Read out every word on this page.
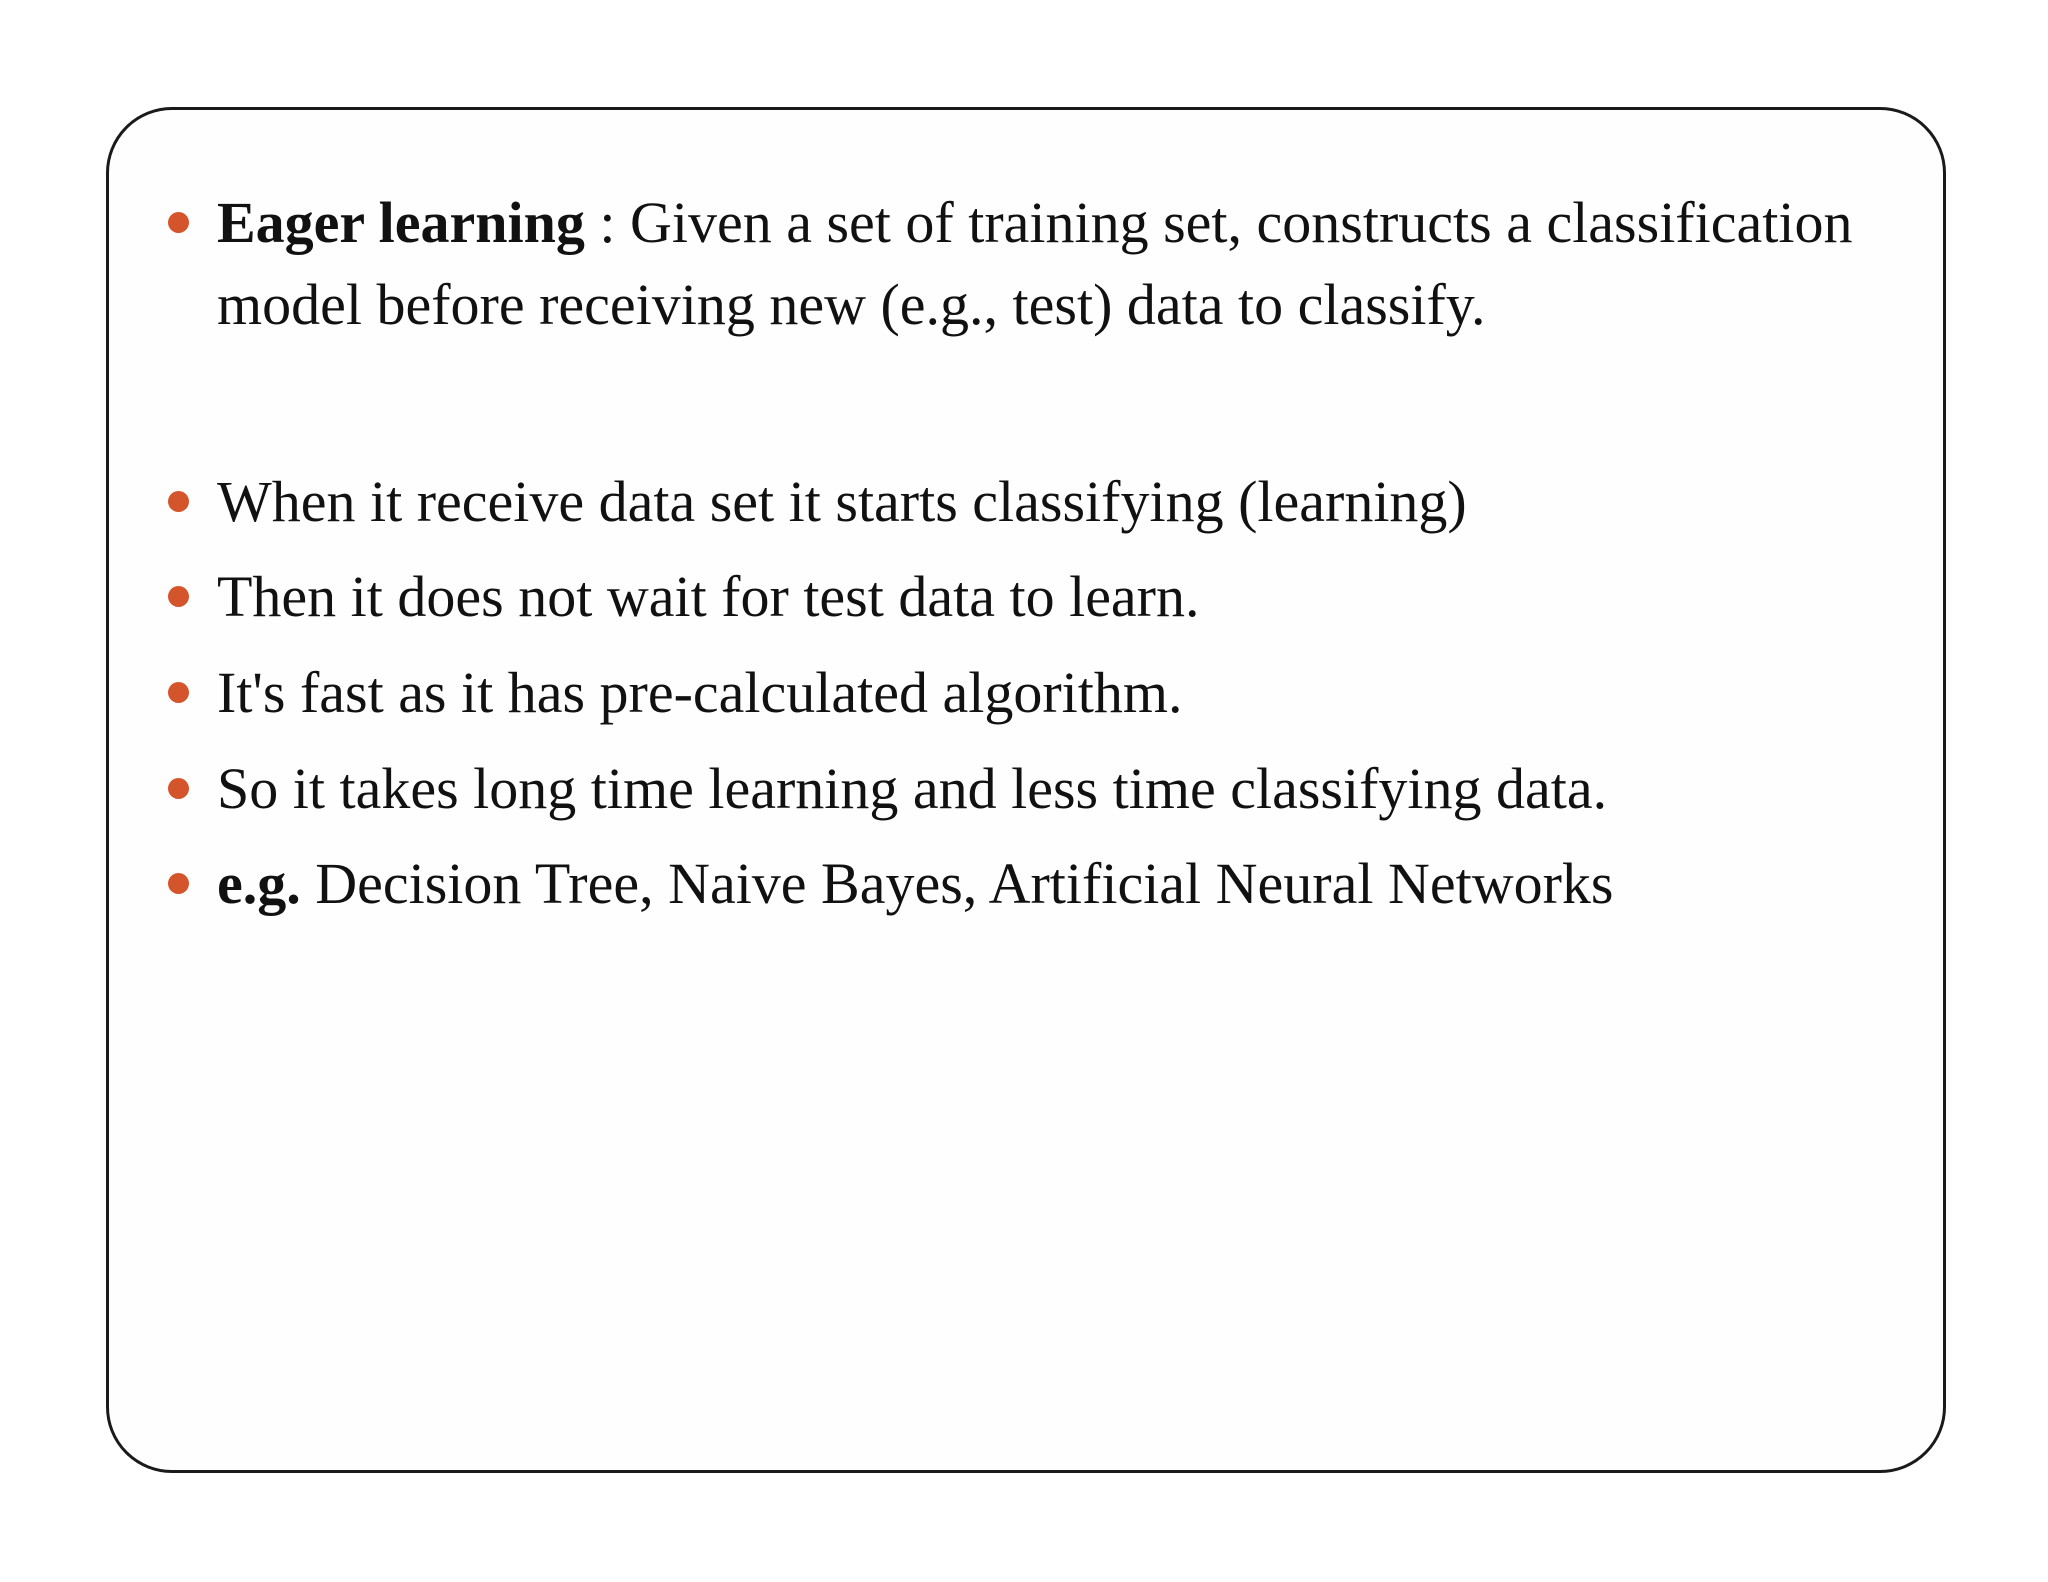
Eager learning : Given a set of training set, constructs a classification model before receiving new (e.g., test) data to classify.
When it receive data set it starts classifying (learning)
Then it does not wait for test data to learn.
It's fast as it has pre-calculated algorithm.
So it takes long time learning and less time classifying data.
e.g. Decision Tree, Naive Bayes, Artificial Neural Networks
